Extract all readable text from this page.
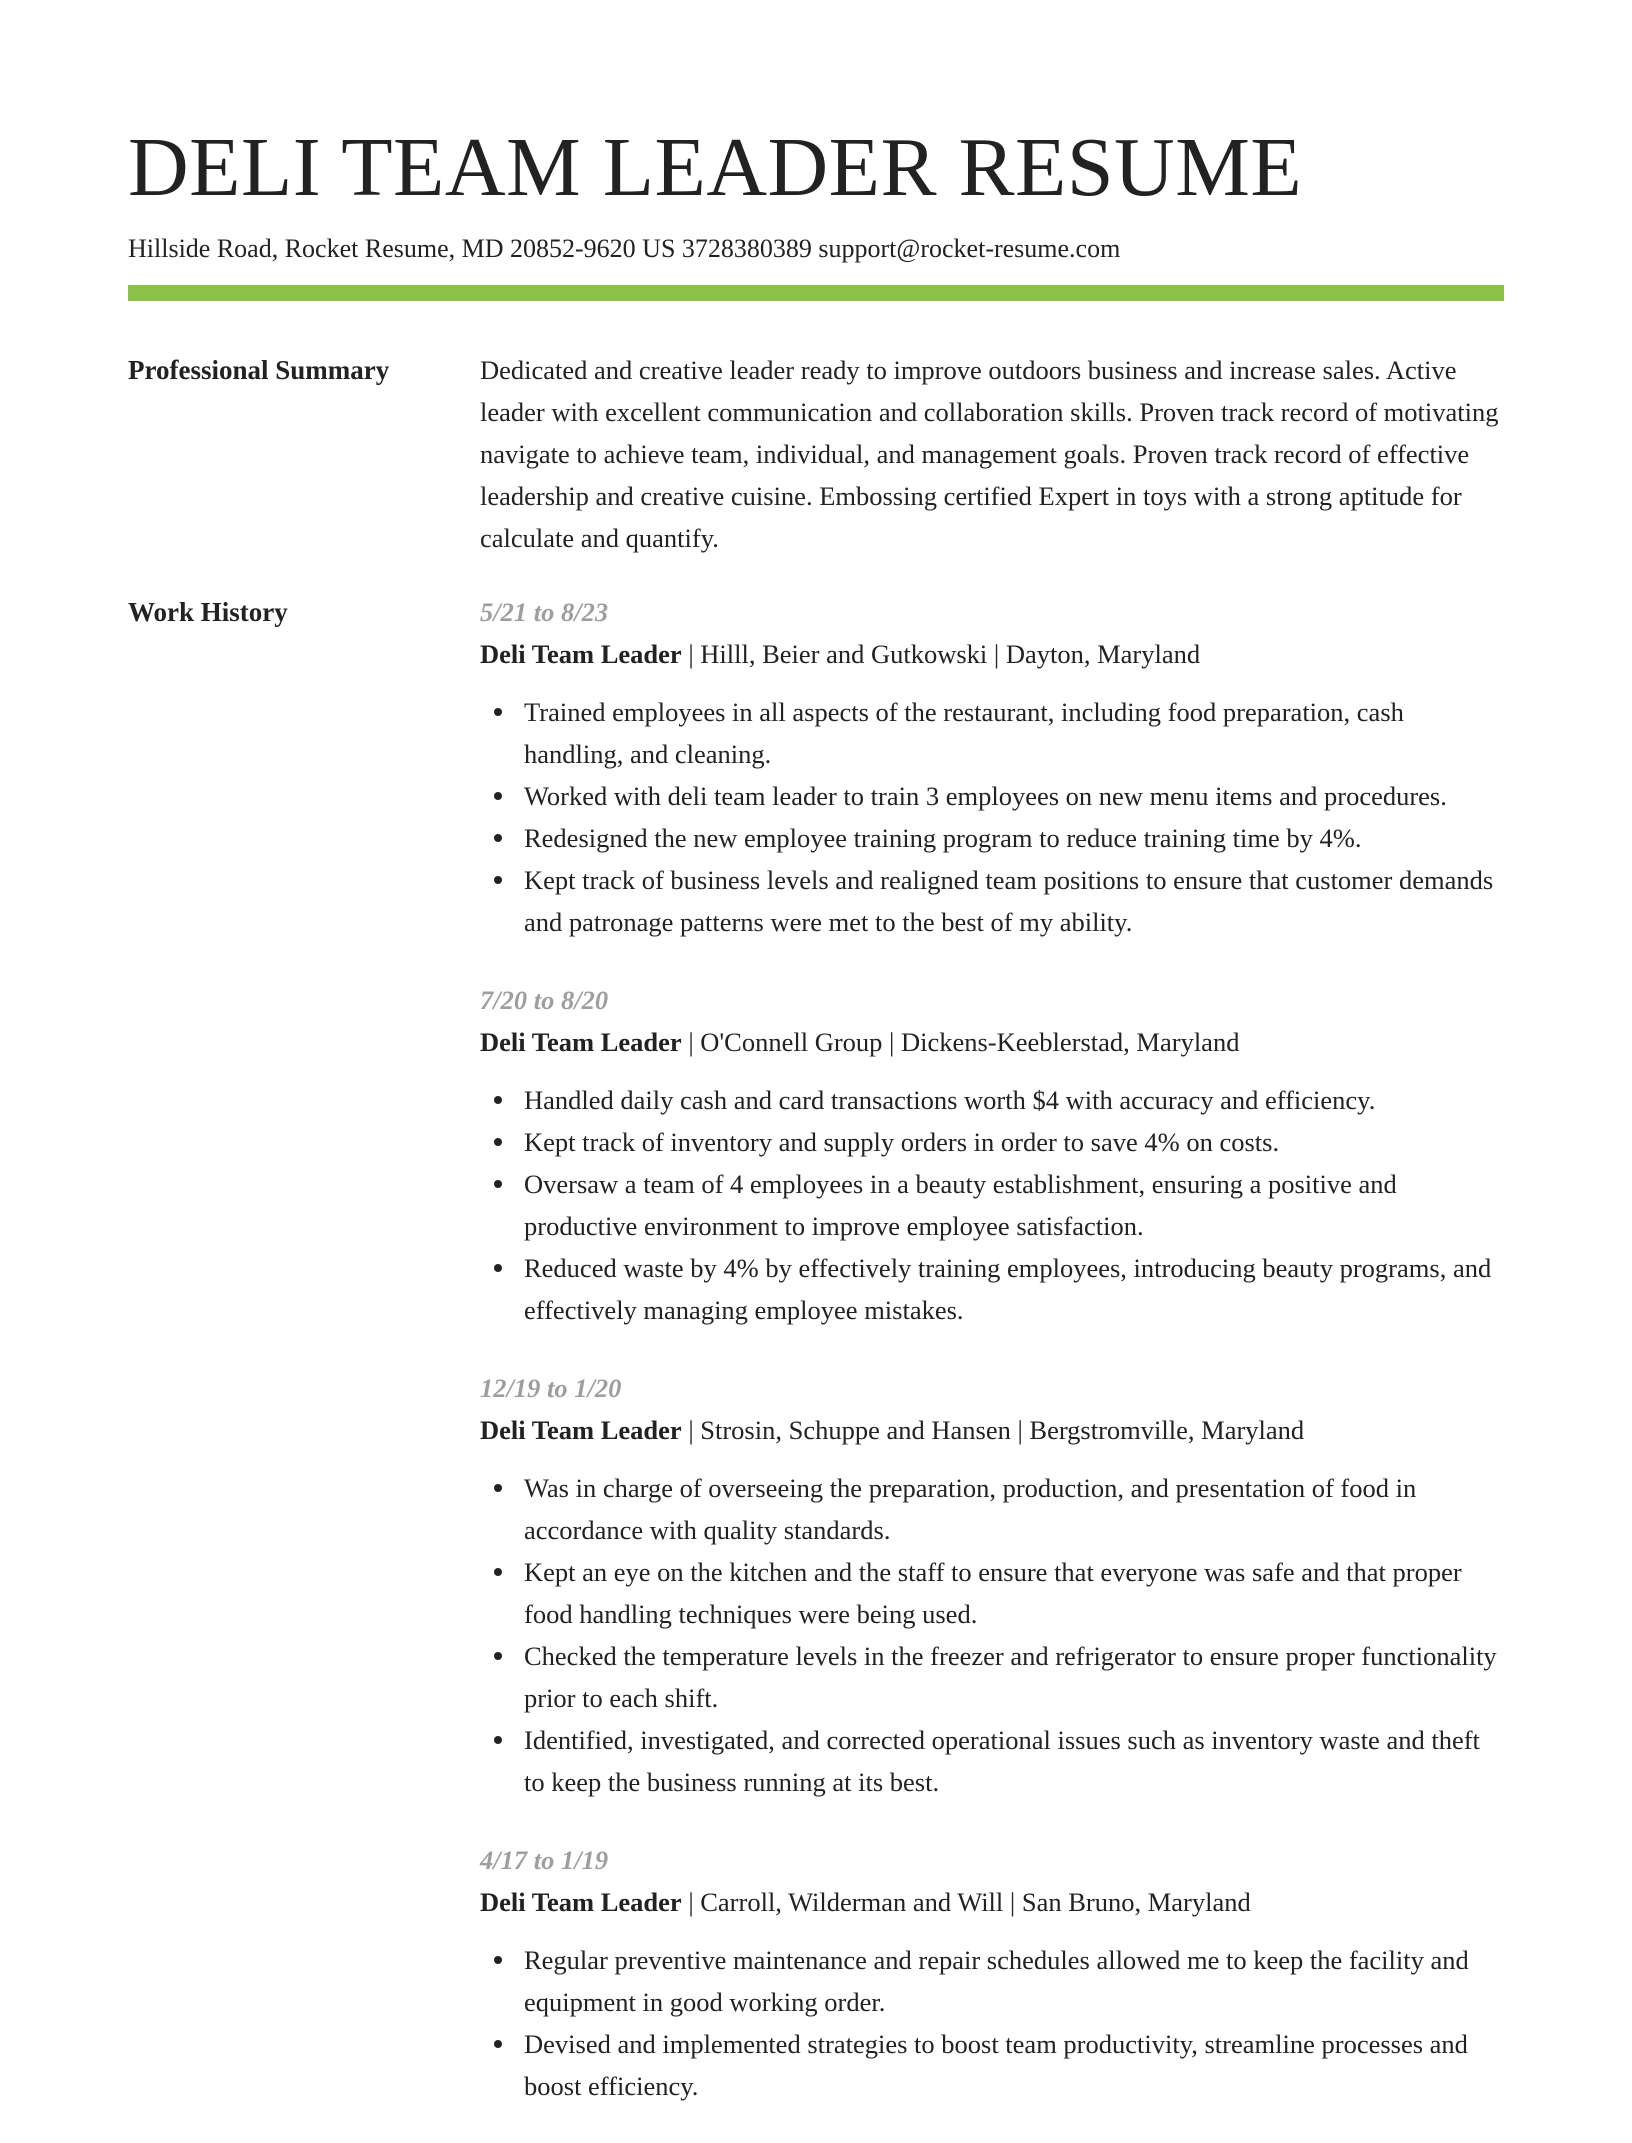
DELI TEAM LEADER RESUME
Hillside Road, Rocket Resume, MD 20852-9620 US 3728380389 support@rocket-resume.com
Professional Summary	Dedicated and creative leader ready to improve outdoors business and increase sales. Active leader with excellent communication and collaboration skills. Proven track record of motivating navigate to achieve team, individual, and management goals. Proven track record of effective leadership and creative cuisine. Embossing certified Expert in toys with a strong aptitude for calculate and quantify.

Work History	5/21 to 8/23
Deli Team Leader | Hilll, Beier and Gutkowski | Dayton, Maryland
Trained employees in all aspects of the restaurant, including food preparation, cash handling, and cleaning.
Worked with deli team leader to train 3 employees on new menu items and procedures.
Redesigned the new employee training program to reduce training time by 4%.
Kept track of business levels and realigned team positions to ensure that customer demands and patronage patterns were met to the best of my ability.
7/20 to 8/20
Deli Team Leader | O'Connell Group | Dickens-Keeblerstad, Maryland
Handled daily cash and card transactions worth $4 with accuracy and efficiency.
Kept track of inventory and supply orders in order to save 4% on costs.
Oversaw a team of 4 employees in a beauty establishment, ensuring a positive and productive environment to improve employee satisfaction.
Reduced waste by 4% by effectively training employees, introducing beauty programs, and effectively managing employee mistakes.
12/19 to 1/20
Deli Team Leader | Strosin, Schuppe and Hansen | Bergstromville, Maryland
Was in charge of overseeing the preparation, production, and presentation of food in accordance with quality standards.
Kept an eye on the kitchen and the staff to ensure that everyone was safe and that proper food handling techniques were being used.
Checked the temperature levels in the freezer and refrigerator to ensure proper functionality prior to each shift.
Identified, investigated, and corrected operational issues such as inventory waste and theft to keep the business running at its best.
4/17 to 1/19
Deli Team Leader | Carroll, Wilderman and Will | San Bruno, Maryland
Regular preventive maintenance and repair schedules allowed me to keep the facility and equipment in good working order.
Devised and implemented strategies to boost team productivity, streamline processes and boost efficiency.
